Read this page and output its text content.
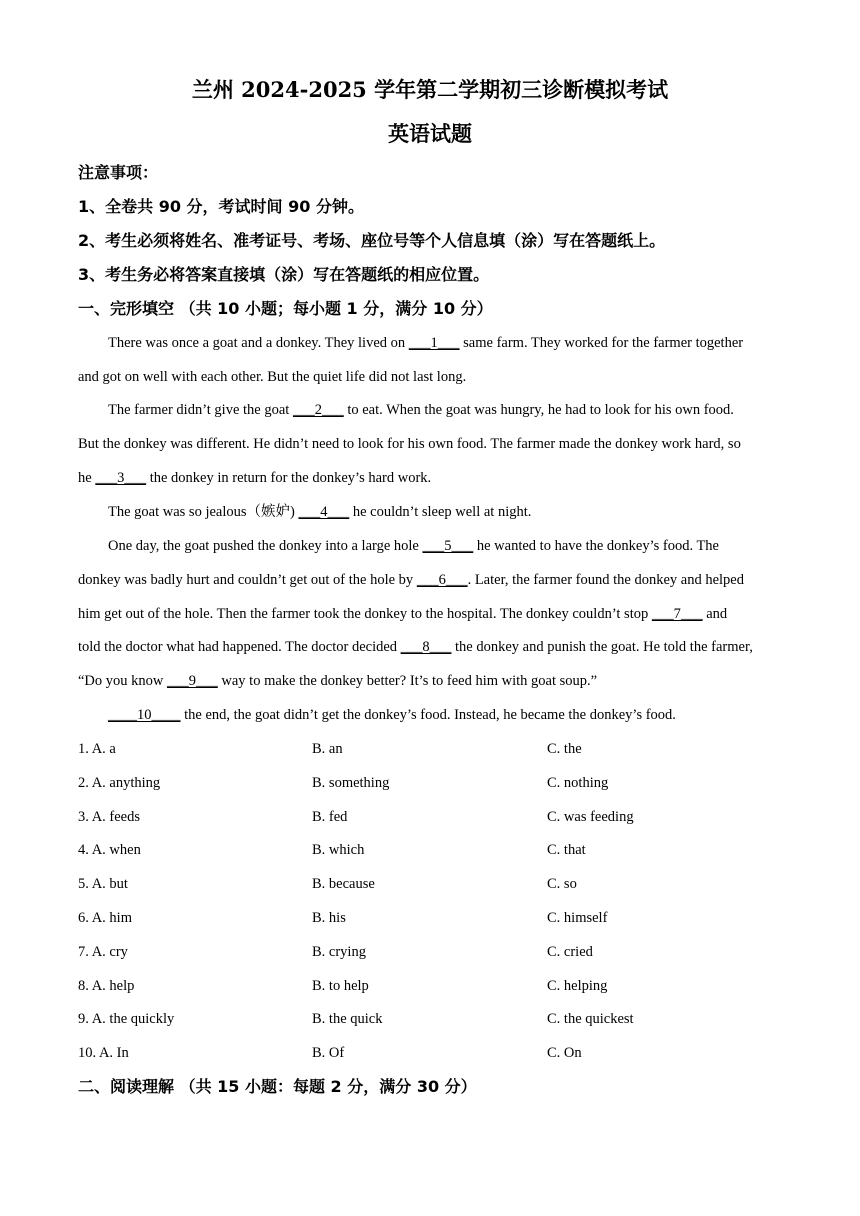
兰州 2024-2025 学年第二学期初三诊断模拟考试
英语试题
注意事项：
1、全卷共 90 分，考试时间 90 分钟。
2、考生必须将姓名、准考证号、考场、座位号等个人信息填（涂）写在答题纸上。
3、考生务必将答案直接填（涂）写在答题纸的相应位置。
一、完形填空 （共 10 小题；每小题 1 分，满分 10 分）
There was once a goat and a donkey. They lived on ___1___ same farm. They worked for the farmer together
and got on well with each other. But the quiet life did not last long.
The farmer didn’t give the goat ___2___ to eat. When the goat was hungry, he had to look for his own food.
But the donkey was different. He didn’t need to look for his own food. The farmer made the donkey work hard, so
he ___3___ the donkey in return for the donkey’s hard work.
The goat was so jealous（嫉妒) ___4___ he couldn’t sleep well at night.
One day, the goat pushed the donkey into a large hole ___5___ he wanted to have the donkey’s food. The
donkey was badly hurt and couldn’t get out of the hole by ___6___. Later, the farmer found the donkey and helped
him get out of the hole. Then the farmer took the donkey to the hospital. The donkey couldn’t stop ___7___ and
told the doctor what had happened. The doctor decided ___8___ the donkey and punish the goat. He told the farmer,
“Do you know ___9___ way to make the donkey better? It’s to feed him with goat soup.”
____10____ the end, the goat didn’t get the donkey’s food. Instead, he became the donkey’s food.
1. A. a	B. an	C. the
2. A. anything	B. something	C. nothing
3. A. feeds	B. fed	C. was feeding
4. A. when	B. which	C. that
5. A. but	B. because	C. so
6. A. him	B. his	C. himself
7. A. cry	B. crying	C. cried
8. A. help	B. to help	C. helping
9. A. the quickly	B. the quick	C. the quickest
10. A. In	B. Of	C. On
二、阅读理解 （共 15 小题：每题 2 分，满分 30 分）
